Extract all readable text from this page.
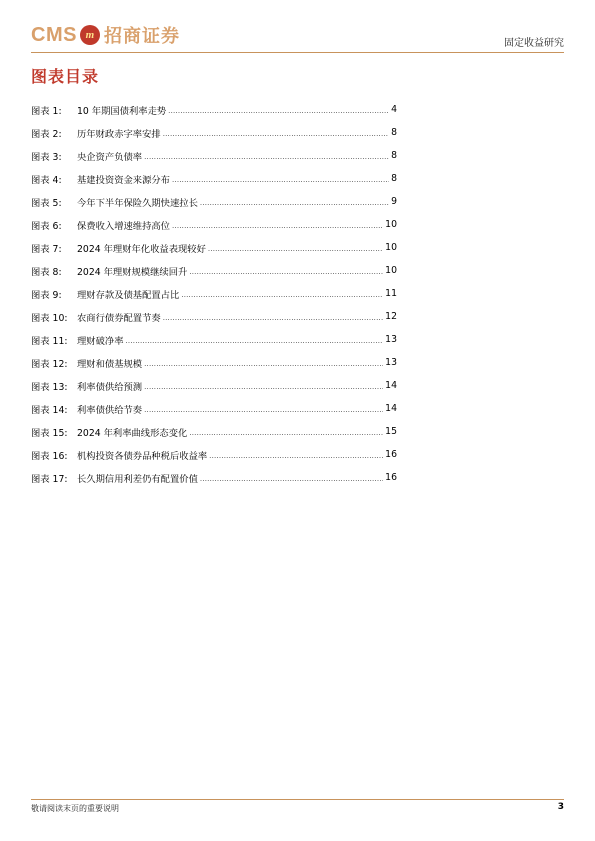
CMS m 招商证券	固定收益研究
图表目录
图表 1:	10 年期国债利率走势 .....	4
图表 2:	历年财政赤字率安排 .....	8
图表 3:	央企资产负债率 .....	8
图表 4:	基建投资资金来源分布 .....	8
图表 5:	今年下半年保险久期快速拉长 .....	9
图表 6:	保费收入增速维持高位 .....	10
图表 7:	2024 年理财年化收益表现较好 .....	10
图表 8:	2024 年理财规模继续回升 .....	10
图表 9:	理财存款及债基配置占比 .....	11
图表 10:	农商行债券配置节奏 .....	12
图表 11:	理财破净率 .....	13
图表 12:	理财和债基规模 .....	13
图表 13:	利率债供给预测 .....	14
图表 14:	利率债供给节奏 .....	14
图表 15:	2024 年利率曲线形态变化 .....	15
图表 16:	机构投资各债券品种税后收益率 .....	16
图表 17:	长久期信用利差仍有配置价值 .....	16
敬请阅读末页的重要说明	3
